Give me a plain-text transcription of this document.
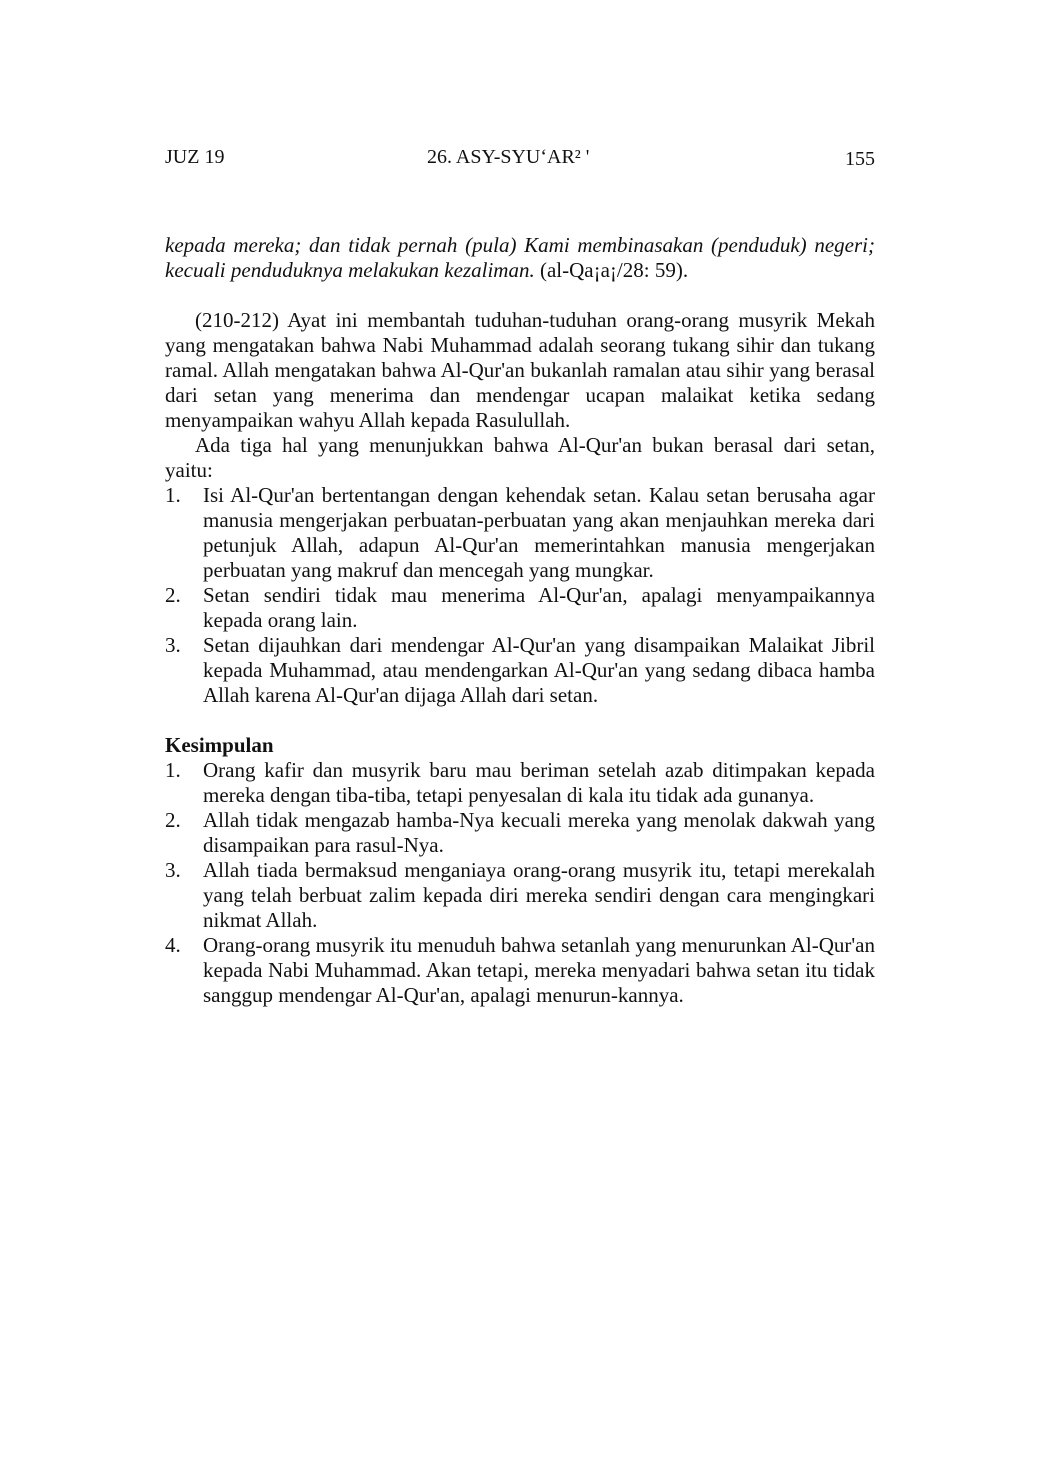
JUZ 19	26. ASY-SYU‘AR² '	155

kepada mereka; dan tidak pernah (pula) Kami membinasakan (penduduk) negeri; kecuali penduduknya melakukan kezaliman. (al-Qa¡a¡/28: 59).

(210-212) Ayat ini membantah tuduhan-tuduhan orang-orang musyrik Mekah yang mengatakan bahwa Nabi Muhammad adalah seorang tukang sihir dan tukang ramal. Allah mengatakan bahwa Al-Qur'an bukanlah ramalan atau sihir yang berasal dari setan yang menerima dan mendengar ucapan malaikat ketika sedang menyampaikan wahyu Allah kepada Rasulullah.

Ada tiga hal yang menunjukkan bahwa Al-Qur'an bukan berasal dari setan, yaitu:

1. Isi Al-Qur'an bertentangan dengan kehendak setan. Kalau setan berusaha agar manusia mengerjakan perbuatan-perbuatan yang akan menjauhkan mereka dari petunjuk Allah, adapun Al-Qur'an memerintahkan manusia mengerjakan perbuatan yang makruf dan mencegah yang mungkar.
2. Setan sendiri tidak mau menerima Al-Qur'an, apalagi menyampaikannya kepada orang lain.
3. Setan dijauhkan dari mendengar Al-Qur'an yang disampaikan Malaikat Jibril kepada Muhammad, atau mendengarkan Al-Qur'an yang sedang dibaca hamba Allah karena Al-Qur'an dijaga Allah dari setan.

Kesimpulan

1. Orang kafir dan musyrik baru mau beriman setelah azab ditimpakan kepada mereka dengan tiba-tiba, tetapi penyesalan di kala itu tidak ada gunanya.
2. Allah tidak mengazab hamba-Nya kecuali mereka yang menolak dakwah yang disampaikan para rasul-Nya.
3. Allah tiada bermaksud menganiaya orang-orang musyrik itu, tetapi merekalah yang telah berbuat zalim kepada diri mereka sendiri dengan cara mengingkari nikmat Allah.
4. Orang-orang musyrik itu menuduh bahwa setanlah yang menurunkan Al-Qur'an kepada Nabi Muhammad. Akan tetapi, mereka menyadari bahwa setan itu tidak sanggup mendengar Al-Qur'an, apalagi menurun-kannya.
